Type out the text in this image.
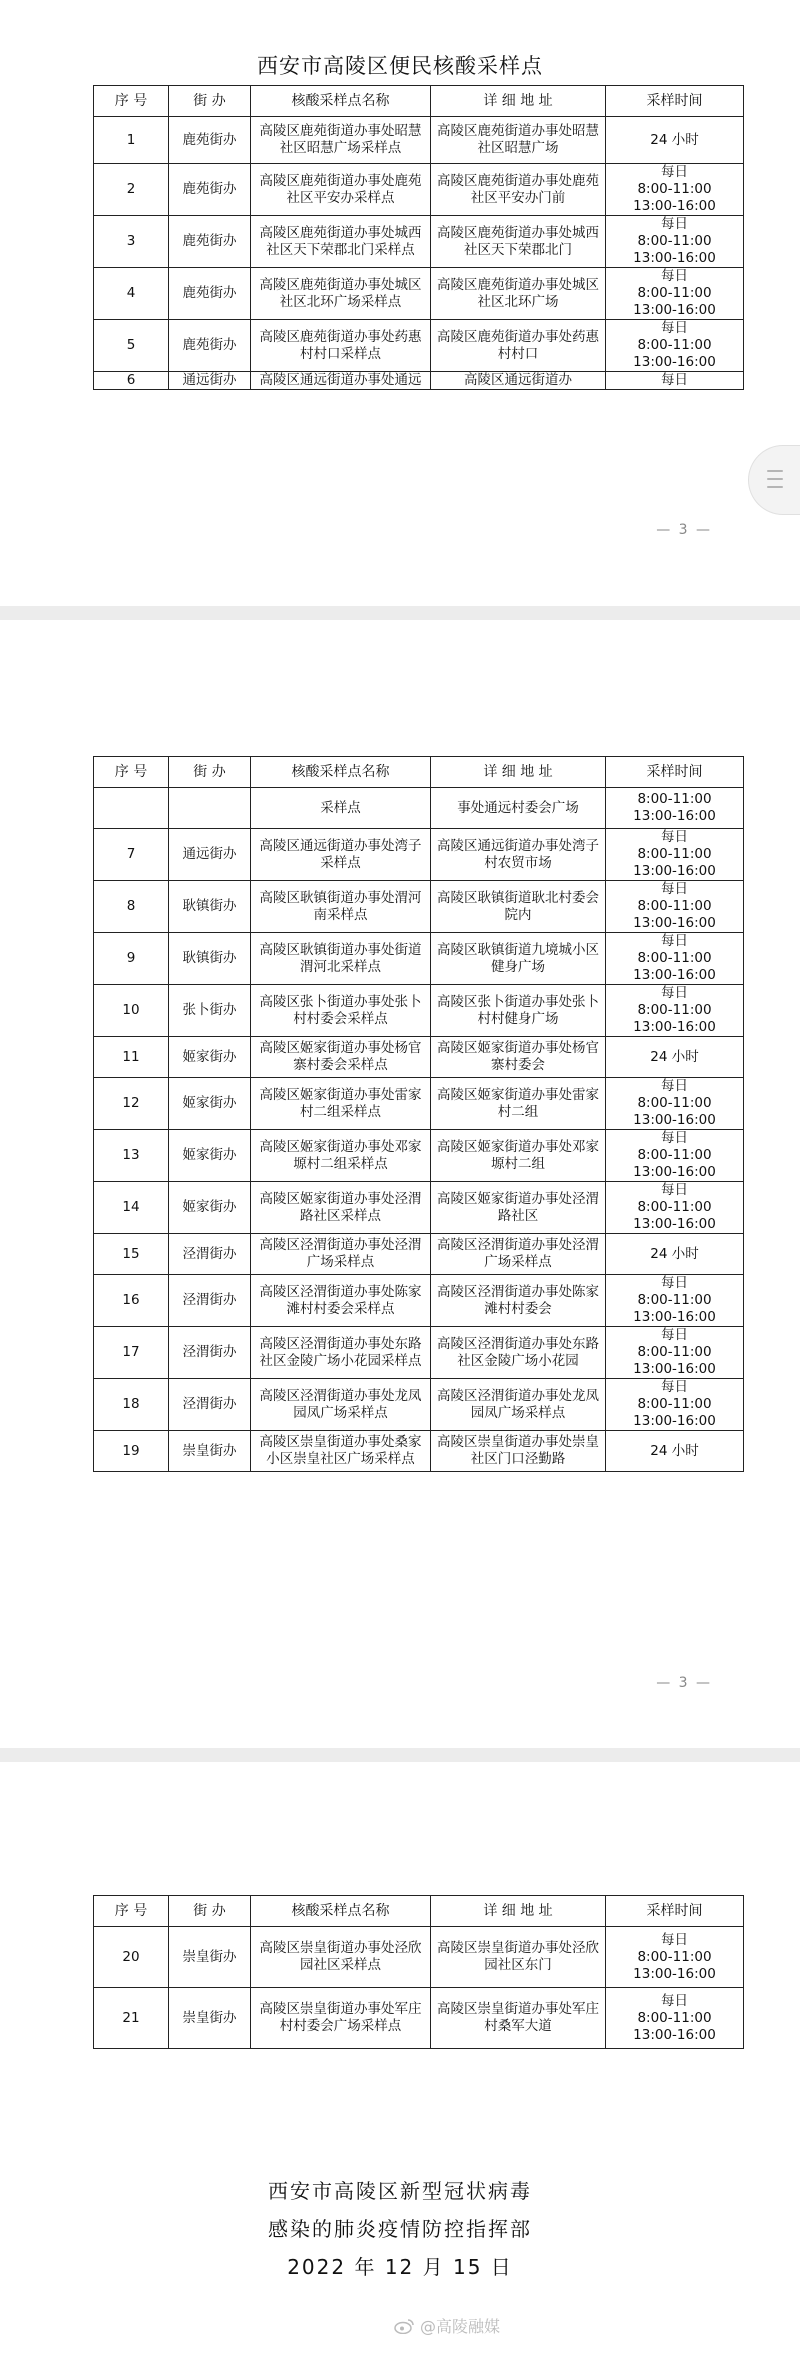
西安市高陵区便民核酸采样点
序 号	街 办	核酸采样点名称	详 细 地 址	采样时间
1	鹿苑街办	高陵区鹿苑街道办事处昭慧社区昭慧广场采样点	高陵区鹿苑街道办事处昭慧社区昭慧广场	24 小时
2	鹿苑街办	高陵区鹿苑街道办事处鹿苑社区平安办采样点	高陵区鹿苑街道办事处鹿苑社区平安办门前	每日
8:00-11:00
13:00-16:00
3	鹿苑街办	高陵区鹿苑街道办事处城西社区天下荣郡北门采样点	高陵区鹿苑街道办事处城西社区天下荣郡北门	每日
8:00-11:00
13:00-16:00
4	鹿苑街办	高陵区鹿苑街道办事处城区社区北环广场采样点	高陵区鹿苑街道办事处城区社区北环广场	每日
8:00-11:00
13:00-16:00
5	鹿苑街办	高陵区鹿苑街道办事处药惠村村口采样点	高陵区鹿苑街道办事处药惠村村口	每日
8:00-11:00
13:00-16:00
6	通远街办	高陵区通远街道办事处通远	高陵区通远街道办	每日
— 3 —
序 号	街 办	核酸采样点名称	详 细 地 址	采样时间
		采样点	事处通远村委会广场	8:00-11:00
13:00-16:00
7	通远街办	高陵区通远街道办事处湾子采样点	高陵区通远街道办事处湾子村农贸市场	每日
8:00-11:00
13:00-16:00
8	耿镇街办	高陵区耿镇街道办事处渭河南采样点	高陵区耿镇街道耿北村委会院内	每日
8:00-11:00
13:00-16:00
9	耿镇街办	高陵区耿镇街道办事处街道渭河北采样点	高陵区耿镇街道九境城小区健身广场	每日
8:00-11:00
13:00-16:00
10	张卜街办	高陵区张卜街道办事处张卜村村委会采样点	高陵区张卜街道办事处张卜村村健身广场	每日
8:00-11:00
13:00-16:00
11	姬家街办	高陵区姬家街道办事处杨官寨村委会采样点	高陵区姬家街道办事处杨官寨村委会	24 小时
12	姬家街办	高陵区姬家街道办事处雷家村二组采样点	高陵区姬家街道办事处雷家村二组	每日
8:00-11:00
13:00-16:00
13	姬家街办	高陵区姬家街道办事处邓家塬村二组采样点	高陵区姬家街道办事处邓家塬村二组	每日
8:00-11:00
13:00-16:00
14	姬家街办	高陵区姬家街道办事处泾渭路社区采样点	高陵区姬家街道办事处泾渭路社区	每日
8:00-11:00
13:00-16:00
15	泾渭街办	高陵区泾渭街道办事处泾渭广场采样点	高陵区泾渭街道办事处泾渭广场采样点	24 小时
16	泾渭街办	高陵区泾渭街道办事处陈家滩村村委会采样点	高陵区泾渭街道办事处陈家滩村村委会	每日
8:00-11:00
13:00-16:00
17	泾渭街办	高陵区泾渭街道办事处东路社区金陵广场小花园采样点	高陵区泾渭街道办事处东路社区金陵广场小花园	每日
8:00-11:00
13:00-16:00
18	泾渭街办	高陵区泾渭街道办事处龙凤园凤广场采样点	高陵区泾渭街道办事处龙凤园凤广场采样点	每日
8:00-11:00
13:00-16:00
19	崇皇街办	高陵区崇皇街道办事处桑家小区崇皇社区广场采样点	高陵区崇皇街道办事处崇皇社区门口泾勤路	24 小时
— 3 —
序 号	街 办	核酸采样点名称	详 细 地 址	采样时间
20	崇皇街办	高陵区崇皇街道办事处泾欣园社区采样点	高陵区崇皇街道办事处泾欣园社区东门	每日
8:00-11:00
13:00-16:00
21	崇皇街办	高陵区崇皇街道办事处军庄村村委会广场采样点	高陵区崇皇街道办事处军庄村桑军大道	每日
8:00-11:00
13:00-16:00

西安市高陵区新型冠状病毒

感染的肺炎疫情防控指挥部

2022 年 12 月 15 日

@高陵融媒
